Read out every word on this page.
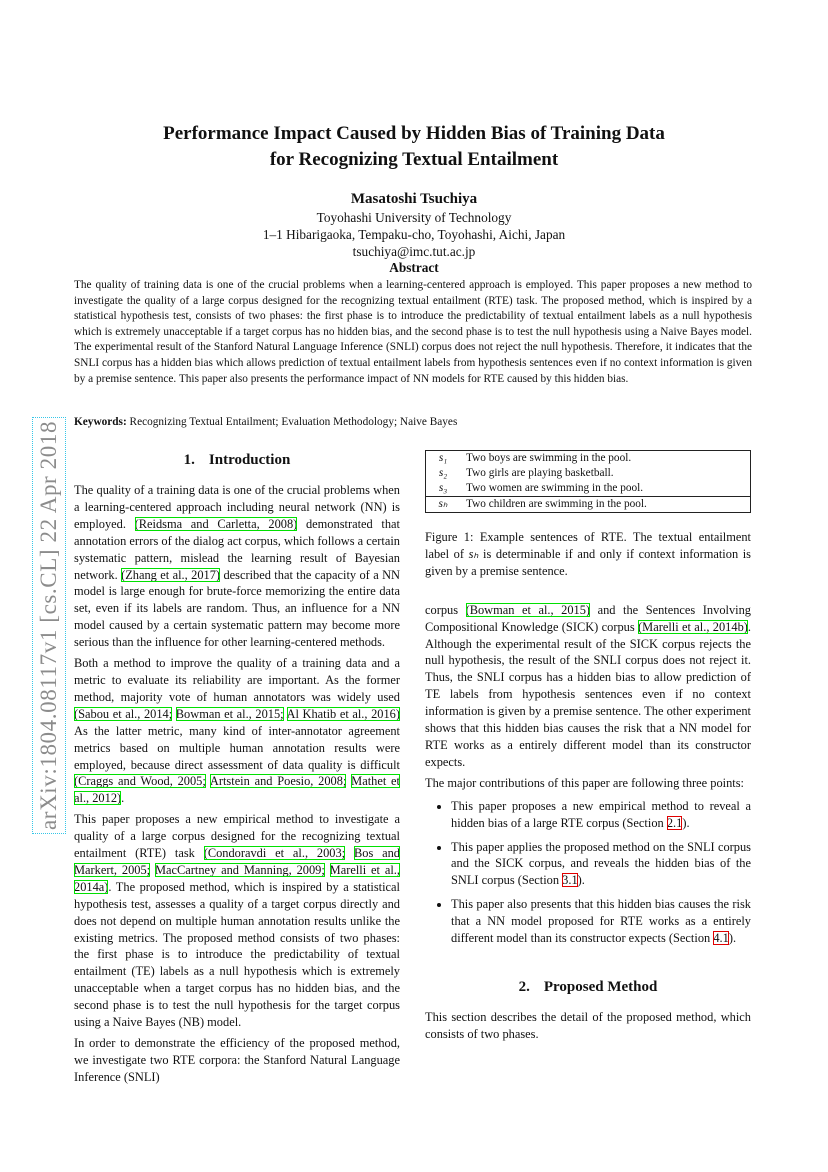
arXiv:1804.08117v1 [cs.CL] 22 Apr 2018
Performance Impact Caused by Hidden Bias of Training Data
for Recognizing Textual Entailment
Masatoshi Tsuchiya
Toyohashi University of Technology
1–1 Hibarigaoka, Tempaku-cho, Toyohashi, Aichi, Japan
tsuchiya@imc.tut.ac.jp
Abstract
The quality of training data is one of the crucial problems when a learning-centered approach is employed. This paper proposes a new method to investigate the quality of a large corpus designed for the recognizing textual entailment (RTE) task. The proposed method, which is inspired by a statistical hypothesis test, consists of two phases: the first phase is to introduce the predictability of textual entailment labels as a null hypothesis which is extremely unacceptable if a target corpus has no hidden bias, and the second phase is to test the null hypothesis using a Naive Bayes model. The experimental result of the Stanford Natural Language Inference (SNLI) corpus does not reject the null hypothesis. Therefore, it indicates that the SNLI corpus has a hidden bias which allows prediction of textual entailment labels from hypothesis sentences even if no context information is given by a premise sentence. This paper also presents the performance impact of NN models for RTE caused by this hidden bias.
Keywords: Recognizing Textual Entailment; Evaluation Methodology; Naive Bayes
1. Introduction

The quality of a training data is one of the crucial problems when a learning-centered approach including neural network (NN) is employed. (Reidsma and Carletta, 2008) demonstrated that annotation errors of the dialog act corpus, which follows a certain systematic pattern, mislead the learning result of Bayesian network. (Zhang et al., 2017) described that the capacity of a NN model is large enough for brute-force memorizing the entire data set, even if its labels are random. Thus, an influence for a NN model caused by a certain systematic pattern may become more serious than the influence for other learning-centered methods.

Both a method to improve the quality of a training data and a metric to evaluate its reliability are important. As the former method, majority vote of human annotators was widely used (Sabou et al., 2014; Bowman et al., 2015; Al Khatib et al., 2016) As the latter metric, many kind of inter-annotator agreement metrics based on multiple human annotation results were employed, because direct assessment of data quality is difficult (Craggs and Wood, 2005; Artstein and Poesio, 2008; Mathet et al., 2012).

This paper proposes a new empirical method to investigate a quality of a large corpus designed for the recognizing textual entailment (RTE) task (Condoravdi et al., 2003; Bos and Markert, 2005; MacCartney and Manning, 2009; Marelli et al., 2014a). The proposed method, which is inspired by a statistical hypothesis test, assesses a quality of a target corpus directly and does not depend on multiple human annotation results unlike the existing metrics. The proposed method consists of two phases: the first phase is to introduce the predictability of textual entailment (TE) labels as a null hypothesis which is extremely unacceptable when a target corpus has no hidden bias, and the second phase is to test the null hypothesis for the target corpus using a Naive Bayes (NB) model.

In order to demonstrate the efficiency of the proposed method, we investigate two RTE corpora: the Stanford Natural Language Inference (SNLI)

s₁	Two boys are swimming in the pool.
s₂	Two girls are playing basketball.
s₃	Two women are swimming in the pool.
sₕ	Two children are swimming in the pool.
Figure 1: Example sentences of RTE. The textual entailment label of sₕ is determinable if and only if context information is given by a premise sentence.

corpus (Bowman et al., 2015) and the Sentences Involving Compositional Knowledge (SICK) corpus (Marelli et al., 2014b). Although the experimental result of the SICK corpus rejects the null hypothesis, the result of the SNLI corpus does not reject it. Thus, the SNLI corpus has a hidden bias to allow prediction of TE labels from hypothesis sentences even if no context information is given by a premise sentence. The other experiment shows that this hidden bias causes the risk that a NN model for RTE works as a entirely different model than its constructor expects.

The major contributions of this paper are following three points:

• This paper proposes a new empirical method to reveal a hidden bias of a large RTE corpus (Section 2.1).
• This paper applies the proposed method on the SNLI corpus and the SICK corpus, and reveals the hidden bias of the SNLI corpus (Section 3.1).
• This paper also presents that this hidden bias causes the risk that a NN model proposed for RTE works as a entirely different model than its constructor expects (Section 4.1).
2. Proposed Method

This section describes the detail of the proposed method, which consists of two phases.
